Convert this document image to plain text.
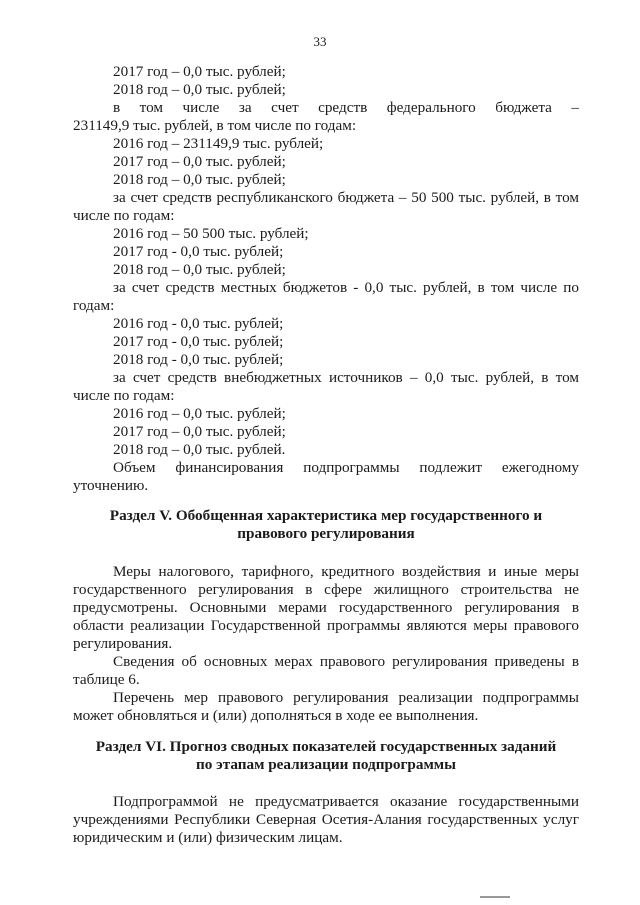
33
2017 год – 0,0 тыс. рублей;
2018 год – 0,0 тыс. рублей;
в том числе за счет средств федерального бюджета –
231149,9 тыс. рублей, в том числе по годам:
2016 год – 231149,9 тыс. рублей;
2017 год – 0,0 тыс. рублей;
2018 год – 0,0 тыс. рублей;
за счет средств республиканского бюджета – 50 500 тыс. рублей, в том
числе по годам:
2016 год – 50 500 тыс. рублей;
2017 год - 0,0 тыс. рублей;
2018 год – 0,0 тыс. рублей;
за счет средств местных бюджетов - 0,0 тыс. рублей, в том числе по
годам:
2016 год - 0,0 тыс. рублей;
2017 год - 0,0 тыс. рублей;
2018 год - 0,0 тыс. рублей;
за счет средств внебюджетных источников – 0,0 тыс. рублей, в том
числе по годам:
2016 год – 0,0 тыс. рублей;
2017 год – 0,0 тыс. рублей;
2018 год – 0,0 тыс. рублей.
Объем финансирования подпрограммы подлежит ежегодному
уточнению.
Раздел V. Обобщенная характеристика мер государственного и
правового регулирования
Меры налогового, тарифного, кредитного воздействия и иные меры
государственного регулирования в сфере жилищного строительства не
предусмотрены. Основными мерами государственного регулирования в
области реализации Государственной программы являются меры правового
регулирования.
Сведения об основных мерах правового регулирования приведены в
таблице 6.
Перечень мер правового регулирования реализации подпрограммы
может обновляться и (или) дополняться в ходе ее выполнения.
Раздел VI. Прогноз сводных показателей государственных заданий
по этапам реализации подпрограммы
Подпрограммой не предусматривается оказание государственными
учреждениями Республики Северная Осетия-Алания государственных услуг
юридическим и (или) физическим лицам.
